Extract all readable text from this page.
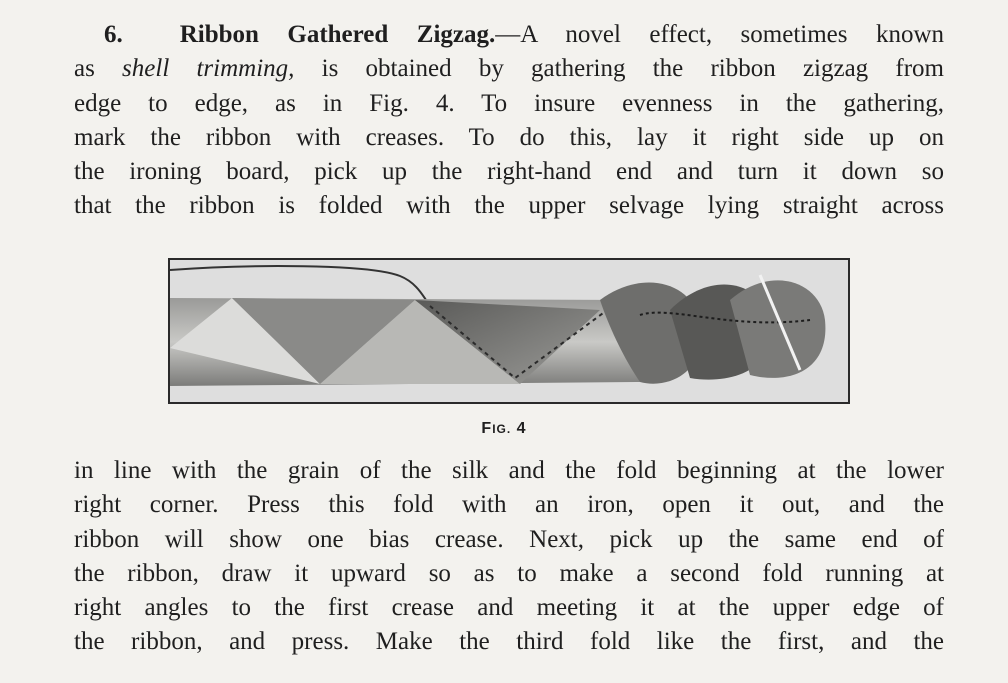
6. Ribbon Gathered Zigzag.—A novel effect, sometimes known
as shell trimming, is obtained by gathering the ribbon zigzag from
edge to edge, as in Fig. 4. To insure evenness in the gathering,
mark the ribbon with creases. To do this, lay it right side up on
the ironing board, pick up the right-hand end and turn it down so
that the ribbon is folded with the upper selvage lying straight across
FIG. 4
in line with the grain of the silk and the fold beginning at the lower
right corner. Press this fold with an iron, open it out, and the
ribbon will show one bias crease. Next, pick up the same end of
the ribbon, draw it upward so as to make a second fold running at
right angles to the first crease and meeting it at the upper edge of
the ribbon, and press. Make the third fold like the first, and the
